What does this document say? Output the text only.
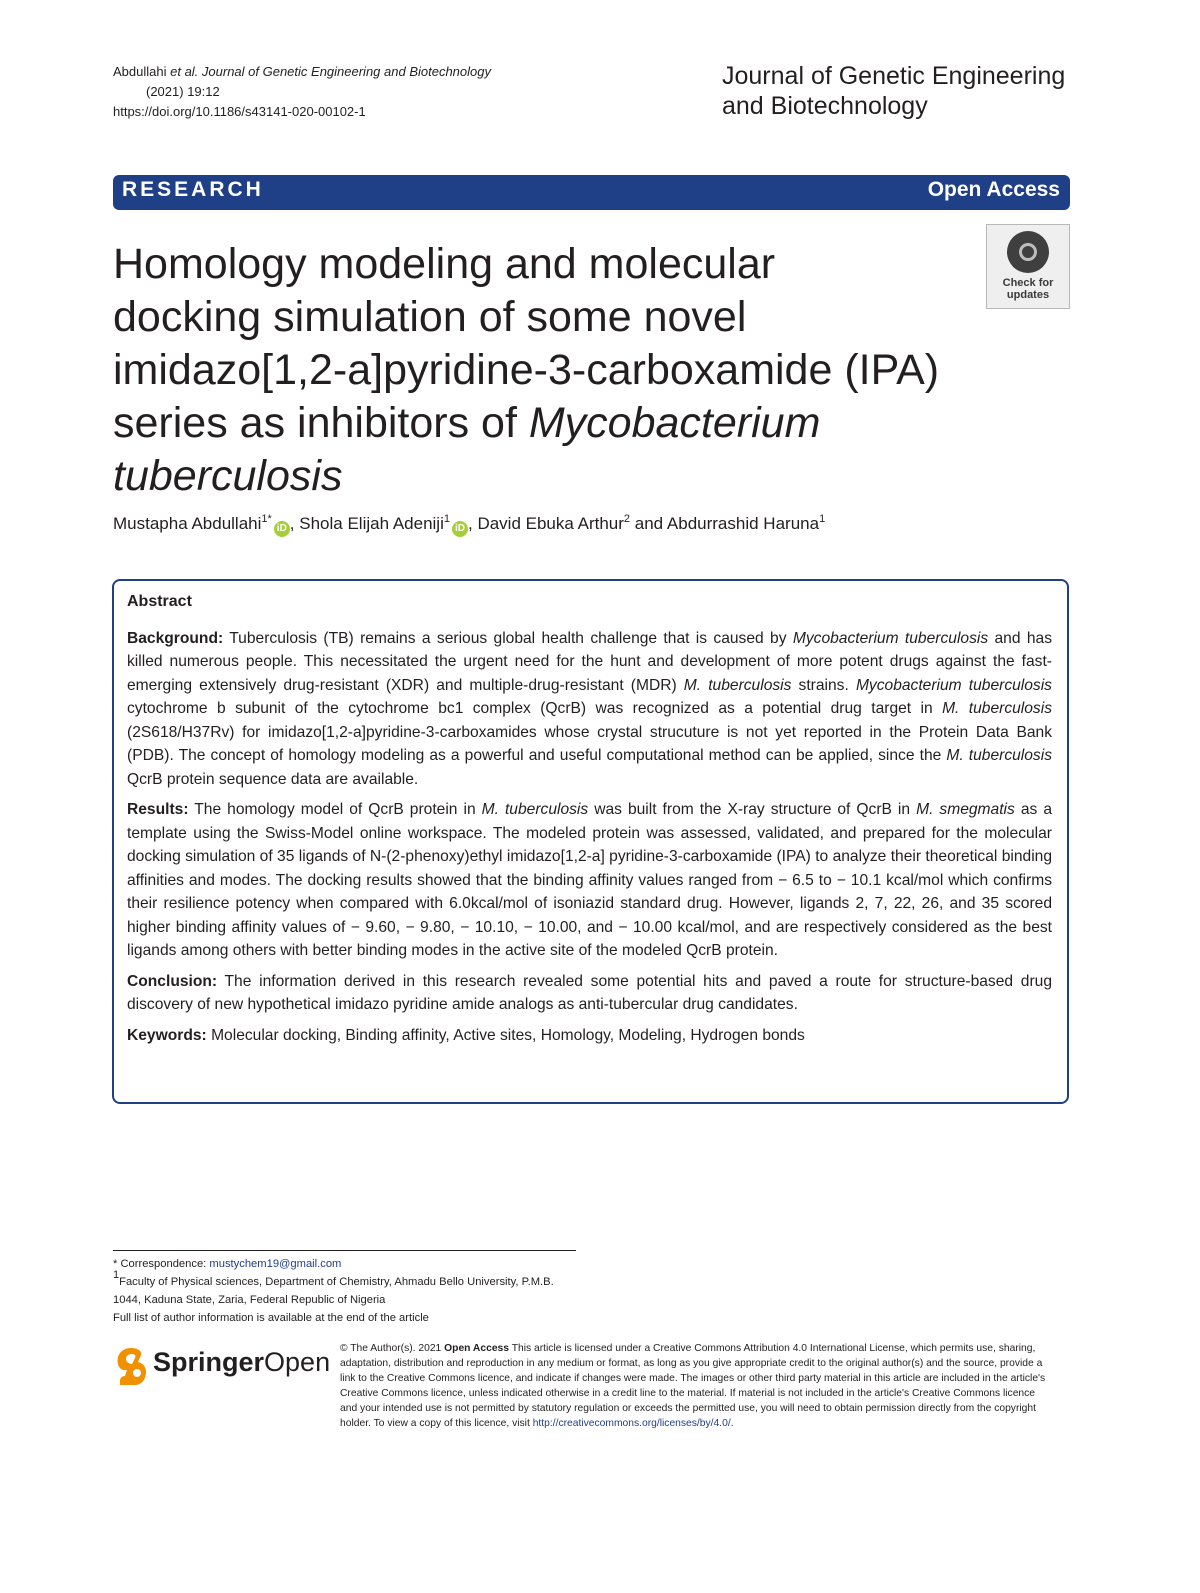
Abdullahi et al. Journal of Genetic Engineering and Biotechnology
(2021) 19:12
https://doi.org/10.1186/s43141-020-00102-1
Journal of Genetic Engineering
and Biotechnology
RESEARCH	Open Access
Homology modeling and molecular
docking simulation of some novel
imidazo[1,2-a]pyridine-3-carboxamide (IPA)
series as inhibitors of Mycobacterium
tuberculosis
Check for
updates
Mustapha Abdullahi$^{1*}$iD , Shola Elijah Adeniji$^1$iD , David Ebuka Arthur$^2$ and Abdurrashid Haruna$^1$

Abstract

Background: Tuberculosis (TB) remains a serious global health challenge that is caused by Mycobacterium tuberculosis and has killed numerous people. This necessitated the urgent need for the hunt and development of more potent drugs against the fast-emerging extensively drug-resistant (XDR) and multiple-drug-resistant (MDR) M. tuberculosis strains. Mycobacterium tuberculosis cytochrome b subunit of the cytochrome bc1 complex (QcrB) was recognized as a potential drug target in M. tuberculosis (2S618/H37Rv) for imidazo[1,2-a]pyridine-3-carboxamides whose crystal strucuture is not yet reported in the Protein Data Bank (PDB). The concept of homology modeling as a powerful and useful computational method can be applied, since the M. tuberculosis QcrB protein sequence data are available.

Results: The homology model of QcrB protein in M. tuberculosis was built from the X-ray structure of QcrB in M. smegmatis as a template using the Swiss-Model online workspace. The modeled protein was assessed, validated, and prepared for the molecular docking simulation of 35 ligands of N-(2-phenoxy)ethyl imidazo[1,2-a] pyridine-3-carboxamide (IPA) to analyze their theoretical binding affinities and modes. The docking results showed that the binding affinity values ranged from − 6.5 to − 10.1 kcal/mol which confirms their resilience potency when compared with 6.0kcal/mol of isoniazid standard drug. However, ligands 2, 7, 22, 26, and 35 scored higher binding affinity values of − 9.60, − 9.80, − 10.10, − 10.00, and − 10.00 kcal/mol, and are respectively considered as the best ligands among others with better binding modes in the active site of the modeled QcrB protein.

Conclusion: The information derived in this research revealed some potential hits and paved a route for structure-based drug discovery of new hypothetical imidazo pyridine amide analogs as anti-tubercular drug candidates.

Keywords: Molecular docking, Binding affinity, Active sites, Homology, Modeling, Hydrogen bonds

* Correspondence: mustychem19@gmail.com
$^1$Faculty of Physical sciences, Department of Chemistry, Ahmadu Bello University, P.M.B. 1044, Kaduna State, Zaria, Federal Republic of Nigeria
Full list of author information is available at the end of the article
SpringerOpen © The Author(s). 2021 Open Access This article is licensed under a Creative Commons Attribution 4.0 International License, which permits use, sharing, adaptation, distribution and reproduction in any medium or format, as long as you give appropriate credit to the original author(s) and the source, provide a link to the Creative Commons licence, and indicate if changes were made. The images or other third party material in this article are included in the article's Creative Commons licence, unless indicated otherwise in a credit line to the material. If material is not included in the article's Creative Commons licence and your intended use is not permitted by statutory regulation or exceeds the permitted use, you will need to obtain permission directly from the copyright holder. To view a copy of this licence, visit http://creativecommons.org/licenses/by/4.0/.
